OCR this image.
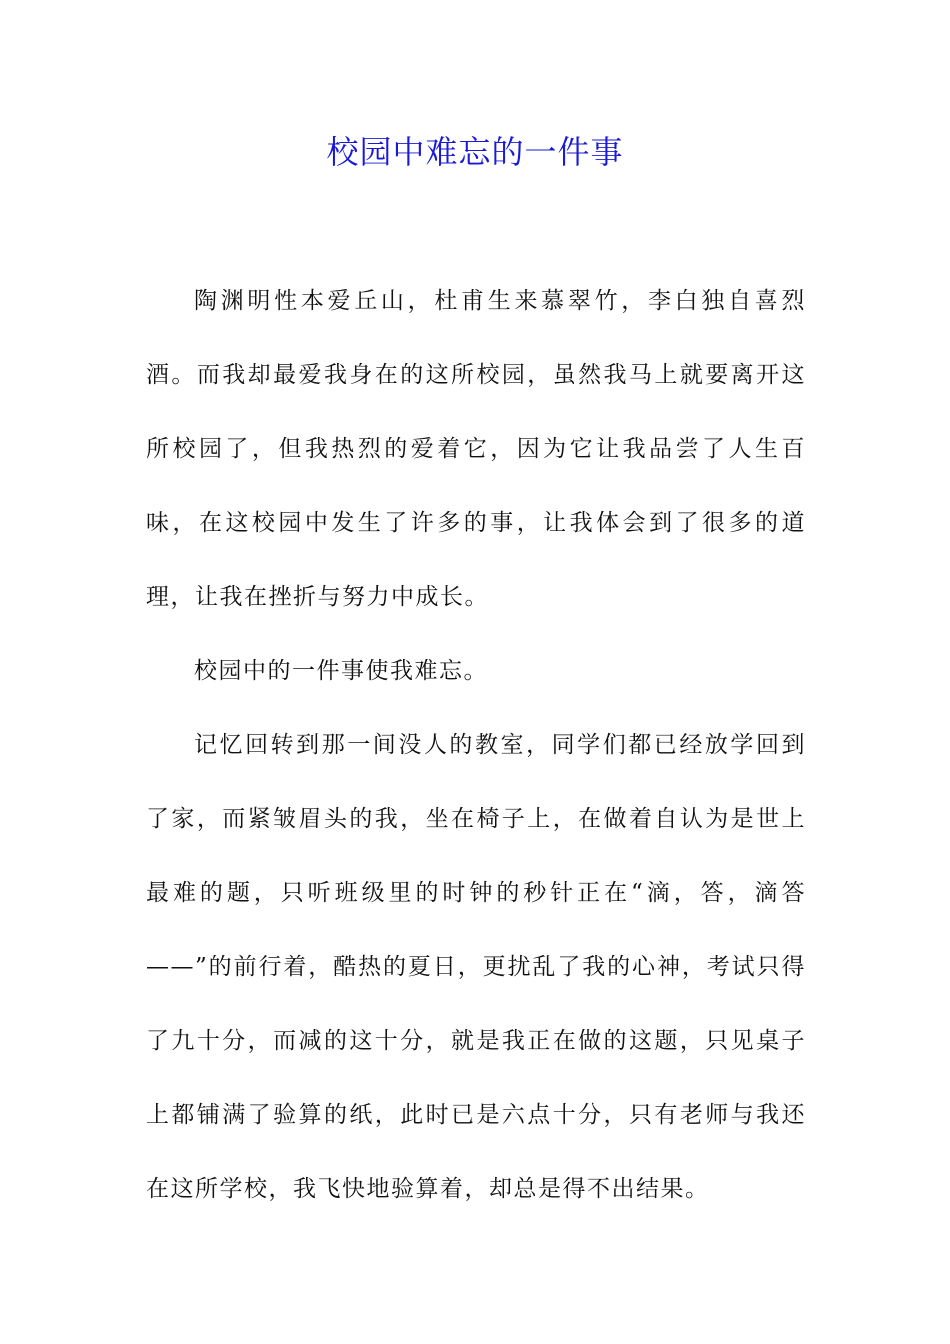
校园中难忘的一件事

陶渊明性本爱丘山，杜甫生来慕翠竹，李白独自喜烈酒。而我却最爱我身在的这所校园，虽然我马上就要离开这所校园了，但我热烈的爱着它，因为它让我品尝了人生百味，在这校园中发生了许多的事，让我体会到了很多的道理，让我在挫折与努力中成长。

校园中的一件事使我难忘。

记忆回转到那一间没人的教室，同学们都已经放学回到了家，而紧皱眉头的我，坐在椅子上，在做着自认为是世上最难的题，只听班级里的时钟的秒针正在“滴，答，滴答——”的前行着，酷热的夏日，更扰乱了我的心神，考试只得了九十分，而减的这十分，就是我正在做的这题，只见桌子上都铺满了验算的纸，此时已是六点十分，只有老师与我还在这所学校，我飞快地验算着，却总是得不出结果。
